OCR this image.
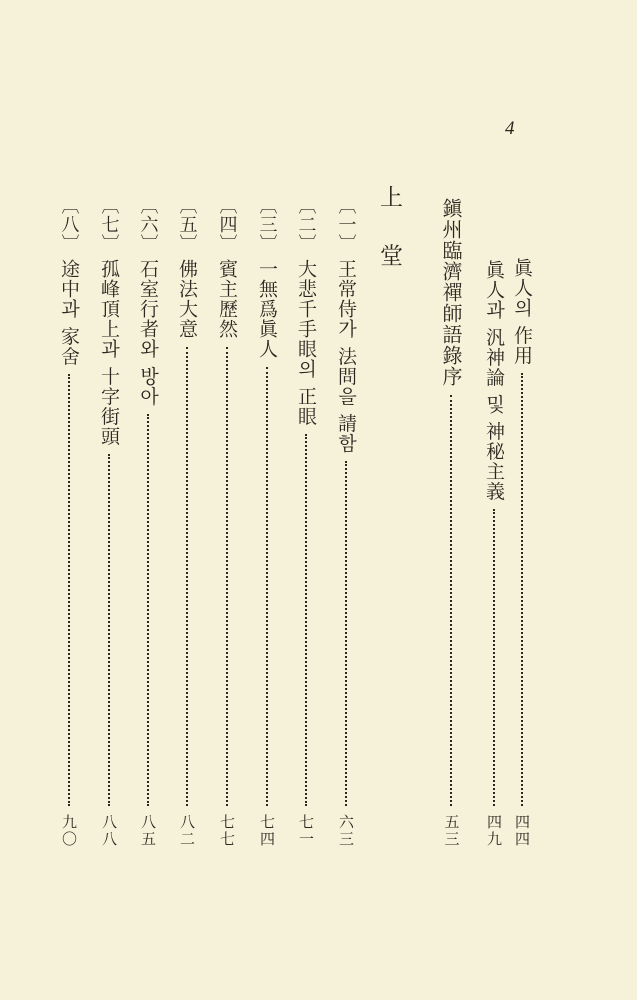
4
眞人의 作用
四四
眞人과 汎神論 및 神秘主義
四九
鎭州臨濟禪師語錄序
五三
上 堂
〔一〕
王常侍가 法問을 請함
六三
〔二〕
大悲千手眼의 正眼
七一
〔三〕
一無爲眞人
七四
〔四〕
賓主歷然
七七
〔五〕
佛法大意
八二
〔六〕
石室行者와 방아
八五
〔七〕
孤峰頂上과 十字街頭
八八
〔八〕
途中과 家舍
九〇
